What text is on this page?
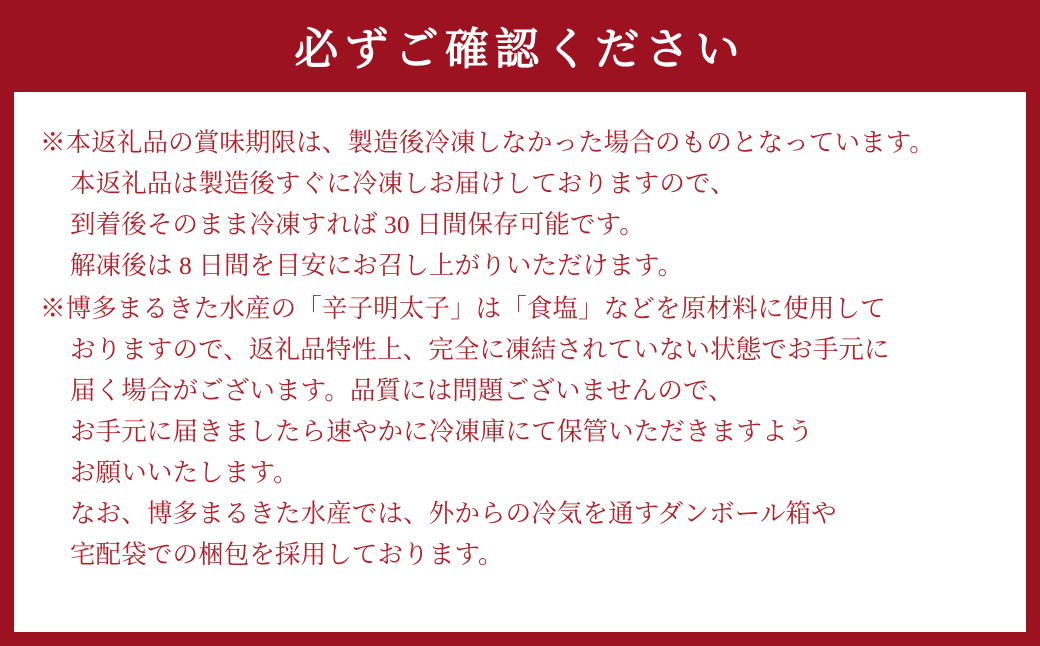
必ずご確認ください
※本返礼品の賞味期限は、製造後冷凍しなかった場合のものとなっています。
本返礼品は製造後すぐに冷凍しお届けしておりますので、
到着後そのまま冷凍すれば 30 日間保存可能です。
解凍後は 8 日間を目安にお召し上がりいただけます。
※博多まるきた水産の「辛子明太子」は「食塩」などを原材料に使用して
おりますので、返礼品特性上、完全に凍結されていない状態でお手元に
届く場合がございます。品質には問題ございませんので、
お手元に届きましたら速やかに冷凍庫にて保管いただきますよう
お願いいたします。
なお、博多まるきた水産では、外からの冷気を通すダンボール箱や
宅配袋での梱包を採用しております。
